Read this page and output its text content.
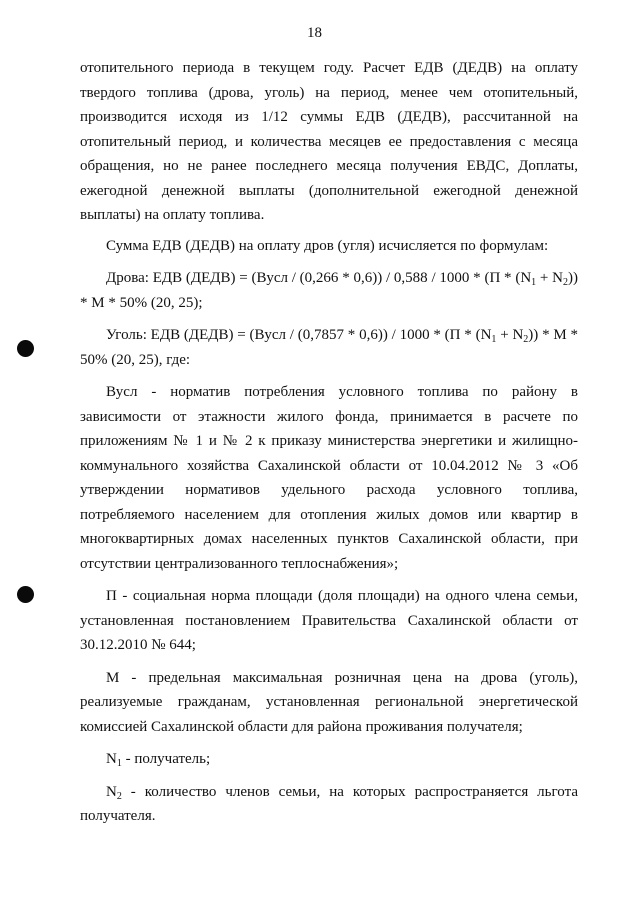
18

отопительного периода в текущем году. Расчет ЕДВ (ДЕДВ) на оплату твердого топлива (дрова, уголь) на период, менее чем отопительный, производится исходя из 1/12 суммы ЕДВ (ДЕДВ), рассчитанной на отопительный период, и количества месяцев ее предоставления с месяца обращения, но не ранее последнего месяца получения ЕВДС, Доплаты, ежегодной денежной выплаты (дополнительной ежегодной денежной выплаты) на оплату топлива.

Сумма ЕДВ (ДЕДВ) на оплату дров (угля) исчисляется по формулам:

Дрова: ЕДВ (ДЕДВ) = (Вусл / $(0,266 * 0,6)) / 0,588 / 1000 * (П * (N_1 + N_2)) * М * 50\%$ (20, 25);

Уголь: ЕДВ (ДЕДВ) = (Вусл / $(0,7857 * 0,6)) / 1000 * (П * (N_1 + N_2)) * М * 50\%$ (20, 25), где:

Вусл - норматив потребления условного топлива по району в зависимости от этажности жилого фонда, принимается в расчете по приложениям № 1 и № 2 к приказу министерства энергетики и жилищно-коммунального хозяйства Сахалинской области от 10.04.2012 № 3 «Об утверждении нормативов удельного расхода условного топлива, потребляемого населением для отопления жилых домов или квартир в многоквартирных домах населенных пунктов Сахалинской области, при отсутствии централизованного теплоснабжения»;

П - социальная норма площади (доля площади) на одного члена семьи, установленная постановлением Правительства Сахалинской области от 30.12.2010 № 644;

М - предельная максимальная розничная цена на дрова (уголь), реализуемые гражданам, установленная региональной энергетической комиссией Сахалинской области для района проживания получателя;

$N_1$ - получатель;

$N_2$ - количество членов семьи, на которых распространяется льгота получателя.
